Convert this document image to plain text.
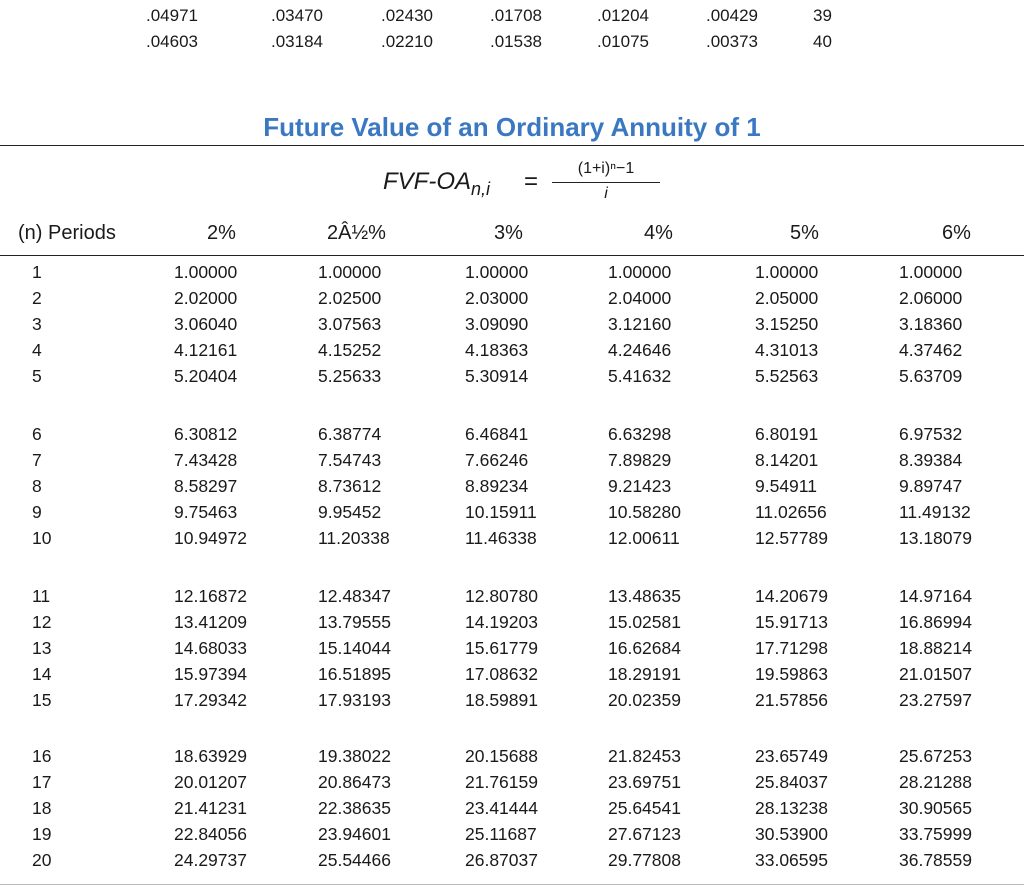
.04971	.03470	.02430	.01708	.01204	.00429	39
.04603	.03184	.02210	.01538	.01075	.00373	40
Future Value of an Ordinary Annuity of 1
FVF-$OA_{n,i}$ =	(1+i)ⁿ−1
i
(n) Periods	2%	2Â½%	3%	4%	5%	6%
1	1.00000	1.00000	1.00000	1.00000	1.00000	1.00000
2	2.02000	2.02500	2.03000	2.04000	2.05000	2.06000
3	3.06040	3.07563	3.09090	3.12160	3.15250	3.18360
4	4.12161	4.15252	4.18363	4.24646	4.31013	4.37462
5	5.20404	5.25633	5.30914	5.41632	5.52563	5.63709
6	6.30812	6.38774	6.46841	6.63298	6.80191	6.97532
7	7.43428	7.54743	7.66246	7.89829	8.14201	8.39384
8	8.58297	8.73612	8.89234	9.21423	9.54911	9.89747
9	9.75463	9.95452	10.15911	10.58280	11.02656	11.49132
10	10.94972	11.20338	11.46338	12.00611	12.57789	13.18079
11	12.16872	12.48347	12.80780	13.48635	14.20679	14.97164
12	13.41209	13.79555	14.19203	15.02581	15.91713	16.86994
13	14.68033	15.14044	15.61779	16.62684	17.71298	18.88214
14	15.97394	16.51895	17.08632	18.29191	19.59863	21.01507
15	17.29342	17.93193	18.59891	20.02359	21.57856	23.27597
16	18.63929	19.38022	20.15688	21.82453	23.65749	25.67253
17	20.01207	20.86473	21.76159	23.69751	25.84037	28.21288
18	21.41231	22.38635	23.41444	25.64541	28.13238	30.90565
19	22.84056	23.94601	25.11687	27.67123	30.53900	33.75999
20	24.29737	25.54466	26.87037	29.77808	33.06595	36.78559
